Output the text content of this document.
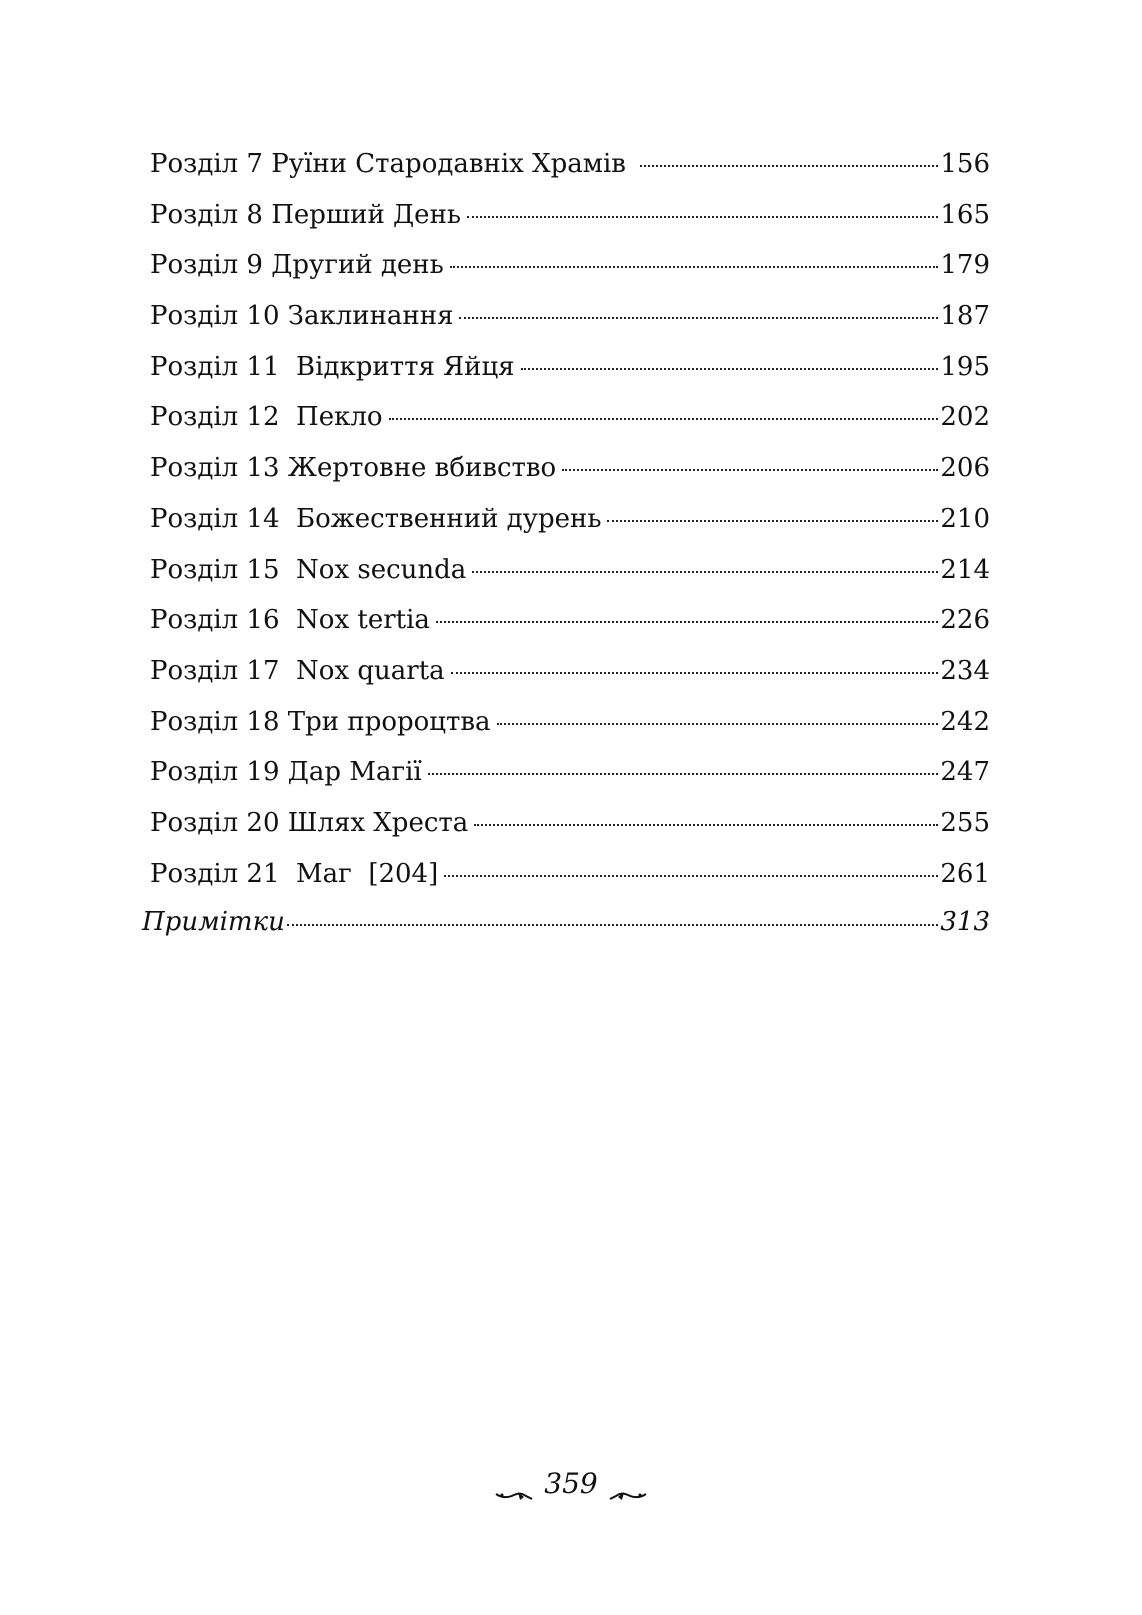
Розділ 7 Руїни Стародавніх Храмів	156
Розділ 8 Перший День	165
Розділ 9 Другий день	179
Розділ 10 Заклинання	187
Розділ 11  Відкриття Яйця	195
Розділ 12  Пекло	202
Розділ 13 Жертовне вбивство	206
Розділ 14  Божественний дурень	210
Розділ 15  Nox secunda	214
Розділ 16  Nox tertia	226
Розділ 17  Nox quarta	234
Розділ 18 Три пророцтва	242
Розділ 19 Дар Магії	247
Розділ 20 Шлях Хреста	255
Розділ 21  Маг  [204]	261
Примітки	313
359
